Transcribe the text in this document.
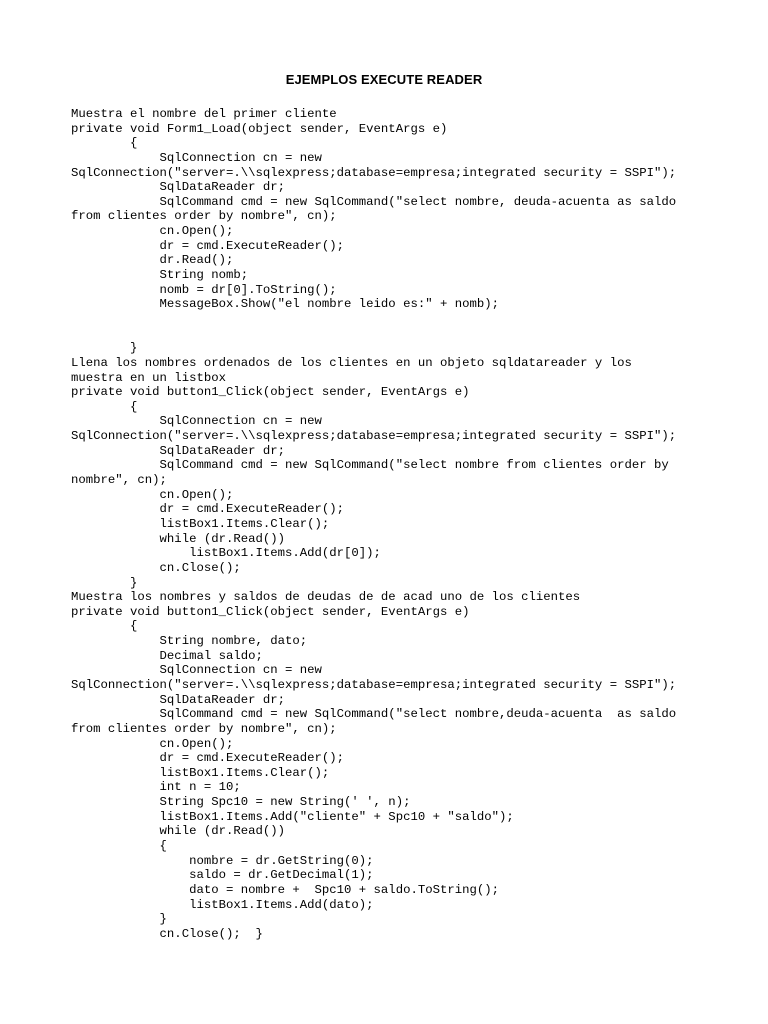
EJEMPLOS EXECUTE READER
Muestra el nombre del primer cliente
private void Form1_Load(object sender, EventArgs e)
{
SqlConnection cn = new
SqlConnection("server=.\\sqlexpress;database=empresa;integrated security = SSPI");
SqlDataReader dr;
SqlCommand cmd = new SqlCommand("select nombre, deuda-acuenta as saldo
from clientes order by nombre", cn);
cn.Open();
dr = cmd.ExecuteReader();
dr.Read();
String nomb;
nomb = dr[0].ToString();
MessageBox.Show("el nombre leido es:" + nomb);
}
Llena los nombres ordenados de los clientes en un objeto sqldatareader y los
muestra en un listbox
private void button1_Click(object sender, EventArgs e)
{
SqlConnection cn = new
SqlConnection("server=.\\sqlexpress;database=empresa;integrated security = SSPI");
SqlDataReader dr;
SqlCommand cmd = new SqlCommand("select nombre from clientes order by
nombre", cn);
cn.Open();
dr = cmd.ExecuteReader();
listBox1.Items.Clear();
while (dr.Read())
listBox1.Items.Add(dr[0]);
cn.Close();
}
Muestra los nombres y saldos de deudas de de acad uno de los clientes
private void button1_Click(object sender, EventArgs e)
{
String nombre, dato;
Decimal saldo;
SqlConnection cn = new
SqlConnection("server=.\\sqlexpress;database=empresa;integrated security = SSPI");
SqlDataReader dr;
SqlCommand cmd = new SqlCommand("select nombre,deuda-acuenta  as saldo
from clientes order by nombre", cn);
cn.Open();
dr = cmd.ExecuteReader();
listBox1.Items.Clear();
int n = 10;
String Spc10 = new String(' ', n);
listBox1.Items.Add("cliente" + Spc10 + "saldo");
while (dr.Read())
{
nombre = dr.GetString(0);
saldo = dr.GetDecimal(1);
dato = nombre +  Spc10 + saldo.ToString();
listBox1.Items.Add(dato);
}
cn.Close();  }
